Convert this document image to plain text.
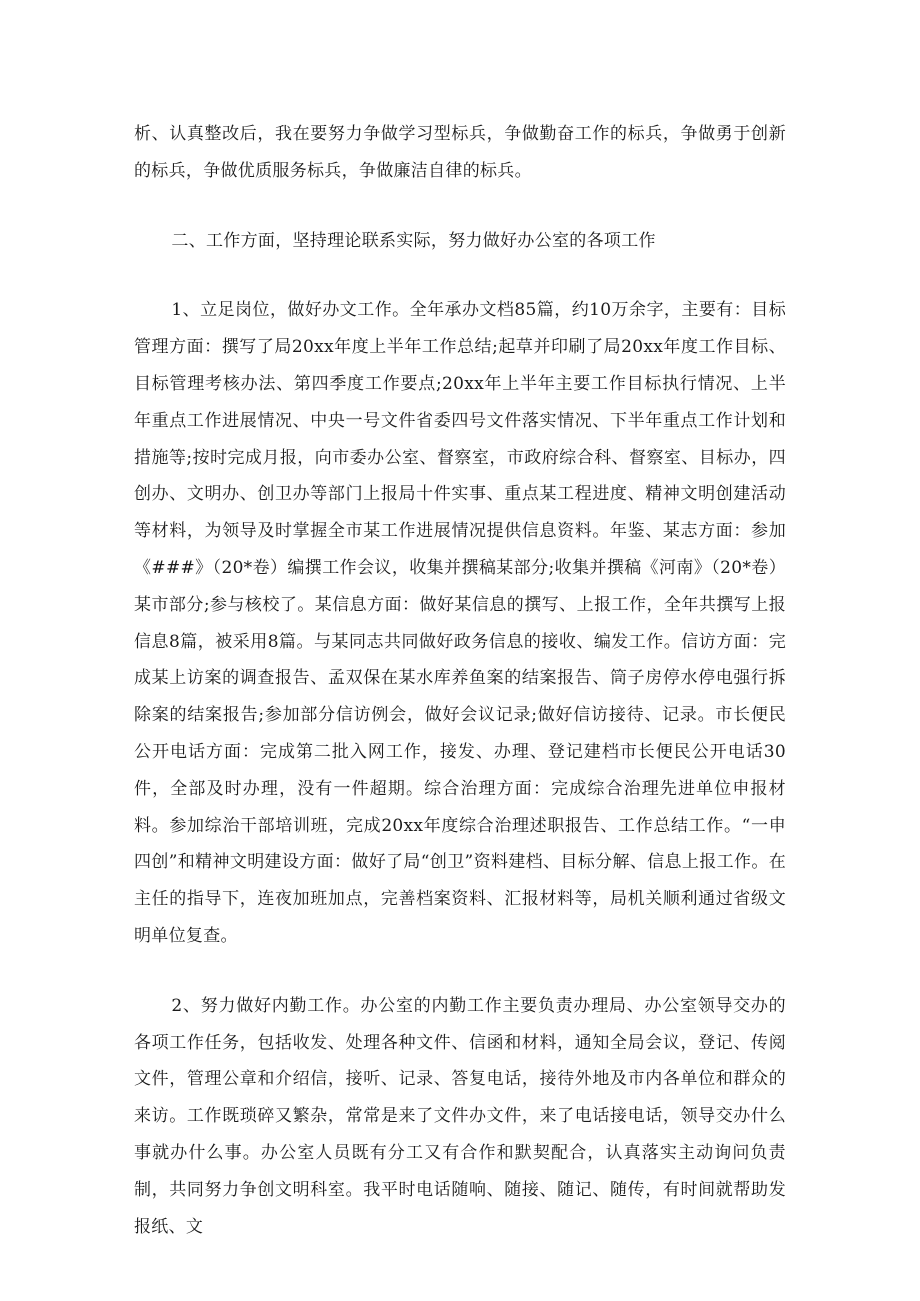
析、认真整改后，我在要努力争做学习型标兵，争做勤奋工作的标兵，争做勇于创新的标兵，争做优质服务标兵，争做廉洁自律的标兵。

二、工作方面，坚持理论联系实际，努力做好办公室的各项工作

1、立足岗位，做好办文工作。全年承办文档85篇，约10万余字，主要有：目标管理方面：撰写了局20xx年度上半年工作总结;起草并印刷了局20xx年度工作目标、目标管理考核办法、第四季度工作要点;20xx年上半年主要工作目标执行情况、上半年重点工作进展情况、中央一号文件省委四号文件落实情况、下半年重点工作计划和措施等;按时完成月报，向市委办公室、督察室，市政府综合科、督察室、目标办，四创办、文明办、创卫办等部门上报局十件实事、重点某工程进度、精神文明创建活动等材料，为领导及时掌握全市某工作进展情况提供信息资料。年鉴、某志方面：参加《###》（20*卷）编撰工作会议，收集并撰稿某部分;收集并撰稿《河南》（20*卷）某市部分;参与核校了。某信息方面：做好某信息的撰写、上报工作，全年共撰写上报信息8篇，被采用8篇。与某同志共同做好政务信息的接收、编发工作。信访方面：完成某上访案的调查报告、孟双保在某水库养鱼案的结案报告、筒子房停水停电强行拆除案的结案报告;参加部分信访例会，做好会议记录;做好信访接待、记录。市长便民公开电话方面：完成第二批入网工作，接发、办理、登记建档市长便民公开电话30件，全部及时办理，没有一件超期。综合治理方面：完成综合治理先进单位申报材料。参加综治干部培训班，完成20xx年度综合治理述职报告、工作总结工作。“一申四创”和精神文明建设方面：做好了局“创卫”资料建档、目标分解、信息上报工作。在主任的指导下，连夜加班加点，完善档案资料、汇报材料等，局机关顺利通过省级文明单位复查。

2、努力做好内勤工作。办公室的内勤工作主要负责办理局、办公室领导交办的各项工作任务，包括收发、处理各种文件、信函和材料，通知全局会议，登记、传阅文件，管理公章和介绍信，接听、记录、答复电话，接待外地及市内各单位和群众的来访。工作既琐碎又繁杂，常常是来了文件办文件，来了电话接电话，领导交办什么事就办什么事。办公室人员既有分工又有合作和默契配合，认真落实主动询问负责制，共同努力争创文明科室。我平时电话随响、随接、随记、随传，有时间就帮助发报纸、文
